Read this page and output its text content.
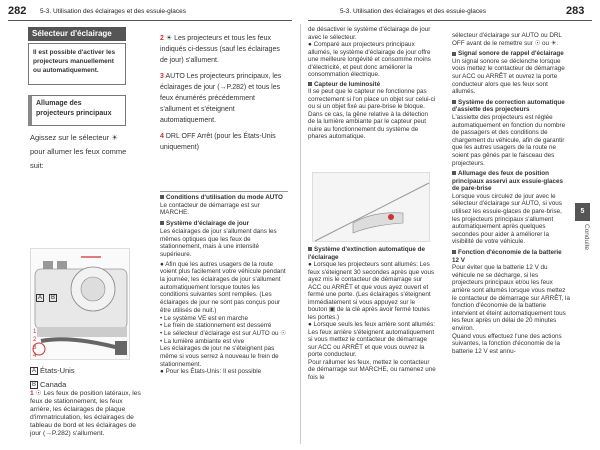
282 5-3. Utilisation des éclairages et des essuie-glaces	5-3. Utilisation des éclairages et des essuie-glaces	283
Sélecteur d'éclairage
Il est possible d'activer les projecteurs manuellement ou automatiquement.
Allumage des projecteurs principaux
Agissez sur le sélecteur ☀ pour allumer les feux comme suit:
A	B
1
2
3
4
A États-Unis
B Canada
1 ☉ Les feux de position latéraux, les feux de stationnement, les feux arrière, les éclairages de plaque d'immatriculation, les éclairages de tableau de bord et les éclairages de jour (→P.282) s'allument.
2 ☀ Les projecteurs et tous les feux indiqués ci-dessus (sauf les éclairages de jour) s'allument.
3 AUTO Les projecteurs principaux, les éclairages de jour (→P.282) et tous les feux énumérés précédemment s'allument et s'éteignent automatiquement.
4 DRL OFF Arrêt (pour les États-Unis uniquement)
Conditions d'utilisation du mode AUTO
Le contacteur de démarrage est sur MARCHE.
Système d'éclairage de jour
Les éclairages de jour s'allument dans les mêmes optiques que les feux de stationnement, mais à une intensité supérieure.
● Afin que les autres usagers de la route voient plus facilement votre véhicule pendant la journée, les éclairages de jour s'allument automatiquement lorsque toutes les conditions suivantes sont remplies. (Les éclairages de jour ne sont pas conçus pour être utilisés de nuit.)
• Le système VE est en marche
• Le frein de stationnement est desserré
• Le sélecteur d'éclairage est sur AUTO ou ☉
• La lumière ambiante est vive
Les éclairages de jour ne s'éteignent pas même si vous serrez à nouveau le frein de stationnement.
● Pour les États-Unis: Il est possible
de désactiver le système d'éclairage de jour avec le sélecteur.
● Comparé aux projecteurs principaux allumés, le système d'éclairage de jour offre une meilleure longévité et consomme moins d'électricité, et peut donc améliorer la consommation électrique.
Capteur de luminosité
Il se peut que le capteur ne fonctionne pas correctement si l'on place un objet sur celui-ci ou si un objet fixé au pare-brise le bloque. Dans ce cas, la gêne relative à la détection de la lumière ambiante par le capteur peut nuire au fonctionnement du système de phares automatique.
Système d'extinction automatique de l'éclairage
● Lorsque les projecteurs sont allumés: Les feux s'éteignent 30 secondes après que vous ayez mis le contacteur de démarrage sur ACC ou ARRÊT et que vous ayez ouvert et fermé une porte. (Les éclairages s'éteignent immédiatement si vous appuyez sur le bouton ▣ de la clé après avoir fermé toutes les portes.)
● Lorsque seuls les feux arrière sont allumés: Les feux arrière s'éteignent automatiquement si vous mettez le contacteur de démarrage sur ACC ou ARRÊT et que vous ouvrez la porte conducteur.
Pour rallumer les feux, mettez le contacteur de démarrage sur MARCHE, ou ramenez une fois le
sélecteur d'éclairage sur AUTO ou DRL OFF avant de le remettre sur ☉ ou ☀.
Signal sonore de rappel d'éclairage
Un signal sonore se déclenche lorsque vous mettez le contacteur de démarrage sur ACC ou ARRÊT et ouvrez la porte conducteur alors que les feux sont allumés.
Système de correction automatique d'assiette des projecteurs
L'assiette des projecteurs est réglée automatiquement en fonction du nombre de passagers et des conditions de chargement du véhicule, afin de garantir que les autres usagers de la route ne soient pas gênés par le faisceau des projecteurs.
Allumage des feux de position principaux asservi aux essuie-glaces de pare-brise
Lorsque vous circulez de jour avec le sélecteur d'éclairage sur AUTO, si vous utilisez les essuie-glaces de pare-brise, les projecteurs principaux s'allument automatiquement après quelques secondes pour aider à améliorer la visibilité de votre véhicule.
Fonction d'économie de la batterie 12 V
Pour éviter que la batterie 12 V du véhicule ne se décharge, si les projecteurs principaux et/ou les feux arrière sont allumés lorsque vous mettez le contacteur de démarrage sur ARRÊT, la fonction d'économie de la batterie intervient et éteint automatiquement tous les feux après un délai de 20 minutes environ.
Quand vous effectuez l'une des actions suivantes, la fonction d'économie de la batterie 12 V est annu-
5
Conduite
